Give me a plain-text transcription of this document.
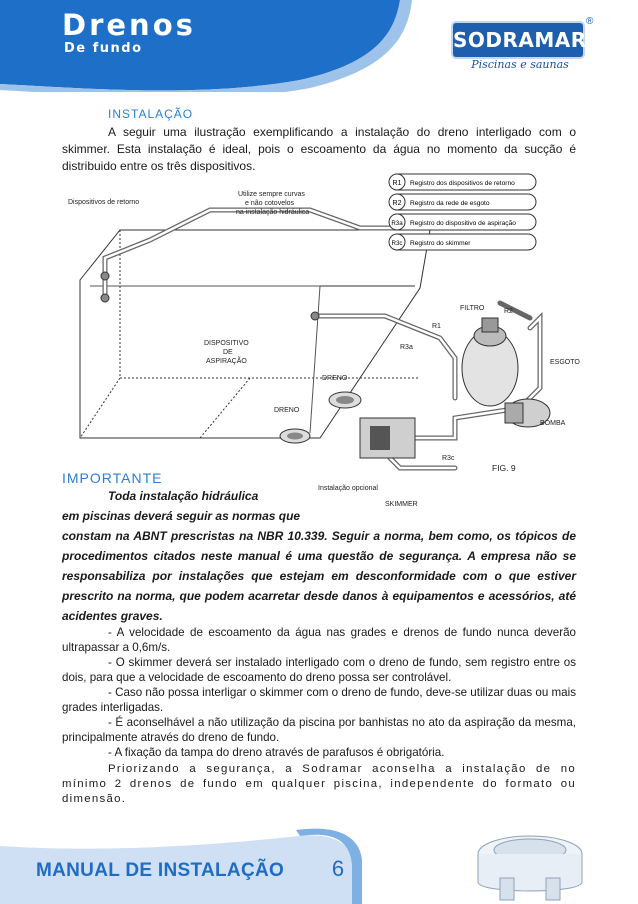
Drenos
De fundo	SODRAMAR
®
Piscinas e saunas
INSTALAÇÃO
A seguir uma ilustração exemplificando a instalação do dreno interligado com o skimmer. Esta instalação é ideal, pois o escoamento da água no momento da sucção é distribuido entre os três dispositivos.
R1
R2
R3a
R3c
Registro dos dispositivos de retorno
Registro da rede de esgoto
Registro do dispositivo de aspiração
Registro do skimmer
Dispositivos de retorno
Utilize sempre curvas
e não cotovelos
na instalação hidráulica
DISPOSITIVO
DE
ASPIRAÇÃO
DRENO
DRENO
FILTRO
R1
R2
R3a
ESGOTO
BOMBA
R3c
Instalação opcional
SKIMMER
FIG. 9
IMPORTANTE
Toda instalação hidráulica
em piscinas deverá seguir as normas que
constam na ABNT prescristas na NBR 10.339. Seguir a norma, bem como, os tópicos de procedimentos citados neste manual é uma questão de segurança. A empresa não se responsabiliza por instalações que estejam em desconformidade com o que estiver prescrito na norma, que podem acarretar desde danos à equipamentos e acessórios, até acidentes graves.
- A velocidade de escoamento da água nas grades e drenos de fundo nunca deverão ultrapassar a 0,6m/s.
- O skimmer deverá ser instalado interligado com o dreno de fundo, sem registro entre os dois, para que a velocidade de escoamento do dreno possa ser controlável.
- Caso não possa interligar o skimmer com o dreno de fundo, deve-se utilizar duas ou mais grades interligadas.
- É aconselhável a não utilização da piscina por banhistas no ato da aspiração da mesma, principalmente através do dreno de fundo.
- A fixação da tampa do dreno através de parafusos é obrigatória.
Priorizando a segurança, a Sodramar aconselha a instalação de no mínimo 2 drenos de fundo em qualquer piscina, independente do formato ou dimensão.
MANUAL DE INSTALAÇÃO	6
